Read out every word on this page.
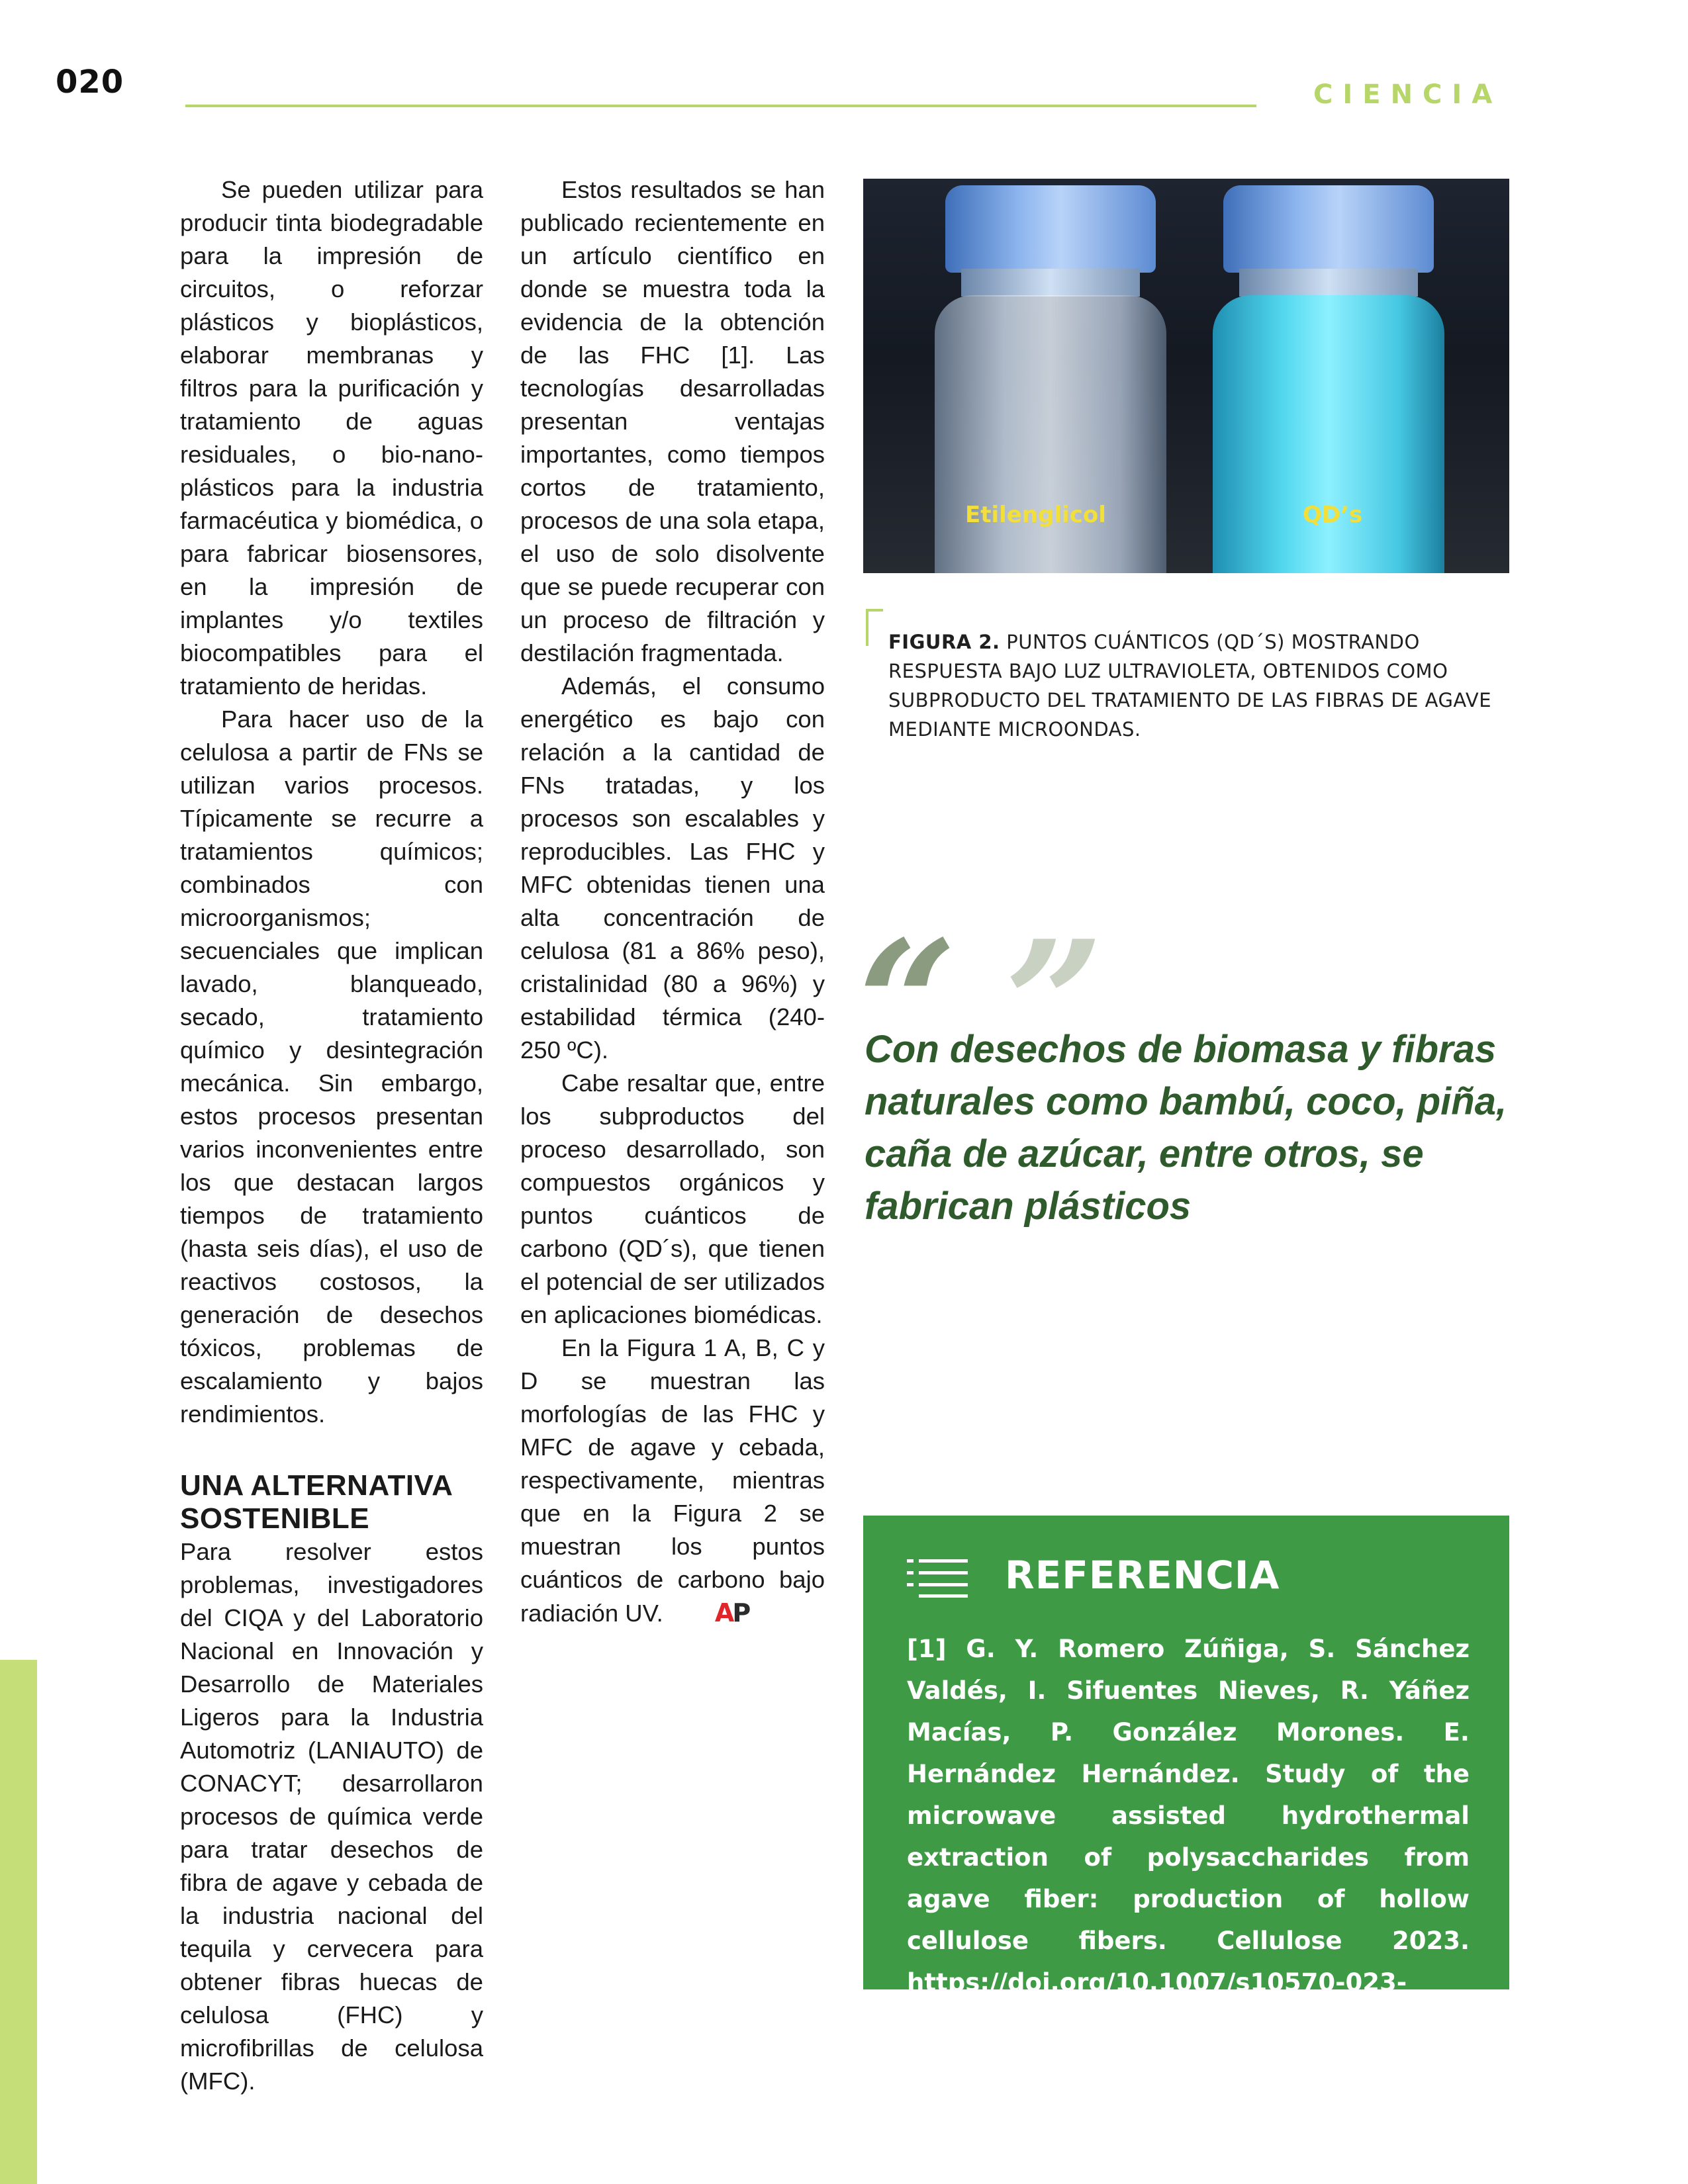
020	CIENCIA

Se pueden utilizar para producir tinta biodegradable para la impresión de circuitos, o reforzar plásticos y bioplásticos, elaborar membranas y filtros para la purificación y tratamiento de aguas residuales, o bio-nano-plásticos para la industria farmacéutica y biomédica, o para fabricar biosensores, en la impresión de implantes y/o textiles biocompatibles para el tratamiento de heridas.

Para hacer uso de la celulosa a partir de FNs se utilizan varios procesos. Típicamente se recurre a tratamientos químicos; combinados con microorganismos; secuenciales que implican lavado, blanqueado, secado, tratamiento químico y desintegración mecánica. Sin embargo, estos procesos presentan varios inconvenientes entre los que destacan largos tiempos de tratamiento (hasta seis días), el uso de reactivos costosos, la generación de desechos tóxicos, problemas de escalamiento y bajos rendimientos.

UNA ALTERNATIVA SOSTENIBLE

Para resolver estos problemas, investigadores del CIQA y del Laboratorio Nacional en Innovación y Desarrollo de Materiales Ligeros para la Industria Automotriz (LANIAUTO) de CONACYT; desarrollaron procesos de química verde para tratar desechos de fibra de agave y cebada de la industria nacional del tequila y cervecera para obtener fibras huecas de celulosa (FHC) y microfibrillas de celulosa (MFC).

Estos resultados se han publicado recientemente en un artículo científico en donde se muestra toda la evidencia de la obtención de las FHC [1]. Las tecnologías desarrolladas presentan ventajas importantes, como tiempos cortos de tratamiento, procesos de una sola etapa, el uso de solo disolvente que se puede recuperar con un proceso de filtración y destilación fragmentada.

Además, el consumo energético es bajo con relación a la cantidad de FNs tratadas, y los procesos son escalables y reproducibles. Las FHC y MFC obtenidas tienen una alta concentración de celulosa (81 a 86% peso), cristalinidad (80 a 96%) y estabilidad térmica (240-250 ºC).

Cabe resaltar que, entre los subproductos del proceso desarrollado, son compuestos orgánicos y puntos cuánticos de carbono (QD´s), que tienen el potencial de ser utilizados en aplicaciones biomédicas.

En la Figura 1 A, B, C y D se muestran las morfologías de las FHC y MFC de agave y cebada, respectivamente, mientras que en la Figura 2 se muestran los puntos cuánticos de carbono bajo radiación UV. AP

Etilenglicol	QD’s
FIGURA 2. PUNTOS CUÁNTICOS (QD´S) MOSTRANDO RESPUESTA BAJO LUZ ULTRAVIOLETA, OBTENIDOS COMO SUBPRODUCTO DEL TRATAMIENTO DE LAS FIBRAS DE AGAVE MEDIANTE MICROONDAS.
“ ”
Con desechos de biomasa y fibras naturales como bambú, coco, piña, caña de azúcar, entre otros, se fabrican plásticos
REFERENCIA
[1] G. Y. Romero Zúñiga, S. Sánchez Valdés, I. Sifuentes Nieves, R. Yáñez Macías, P. González Morones. E. Hernández Hernández. Study of the microwave assisted hydrothermal extraction of polysaccharides from agave fiber: production of hollow cellulose fibers. Cellulose 2023. https://doi.org/10.1007/s10570-023-05236-2
